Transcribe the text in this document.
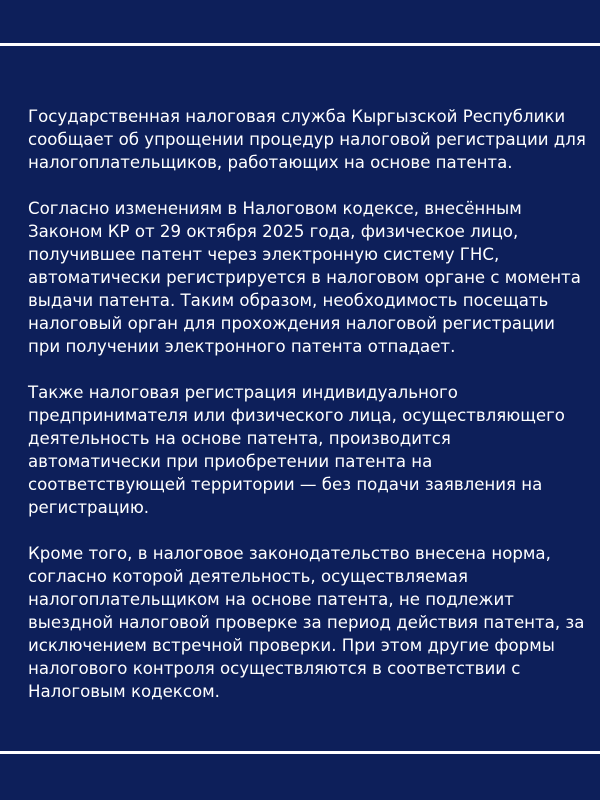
Государственная налоговая служба Кыргызской Республики сообщает об упрощении процедур налоговой регистрации для налогоплательщиков, работающих на основе патента.

Согласно изменениям в Налоговом кодексе, внесённым Законом КР от 29 октября 2025 года, физическое лицо, получившее патент через электронную систему ГНС, автоматически регистрируется в налоговом органе с момента выдачи патента. Таким образом, необходимость посещать налоговый орган для прохождения налоговой регистрации при получении электронного патента отпадает.

Также налоговая регистрация индивидуального предпринимателя или физического лица, осуществляющего деятельность на основе патента, производится автоматически при приобретении патента на соответствующей территории — без подачи заявления на регистрацию.

Кроме того, в налоговое законодательство внесена норма, согласно которой деятельность, осуществляемая налогоплательщиком на основе патента, не подлежит выездной налоговой проверке за период действия патента, за исключением встречной проверки. При этом другие формы налогового контроля осуществляются в соответствии с Налоговым кодексом.
